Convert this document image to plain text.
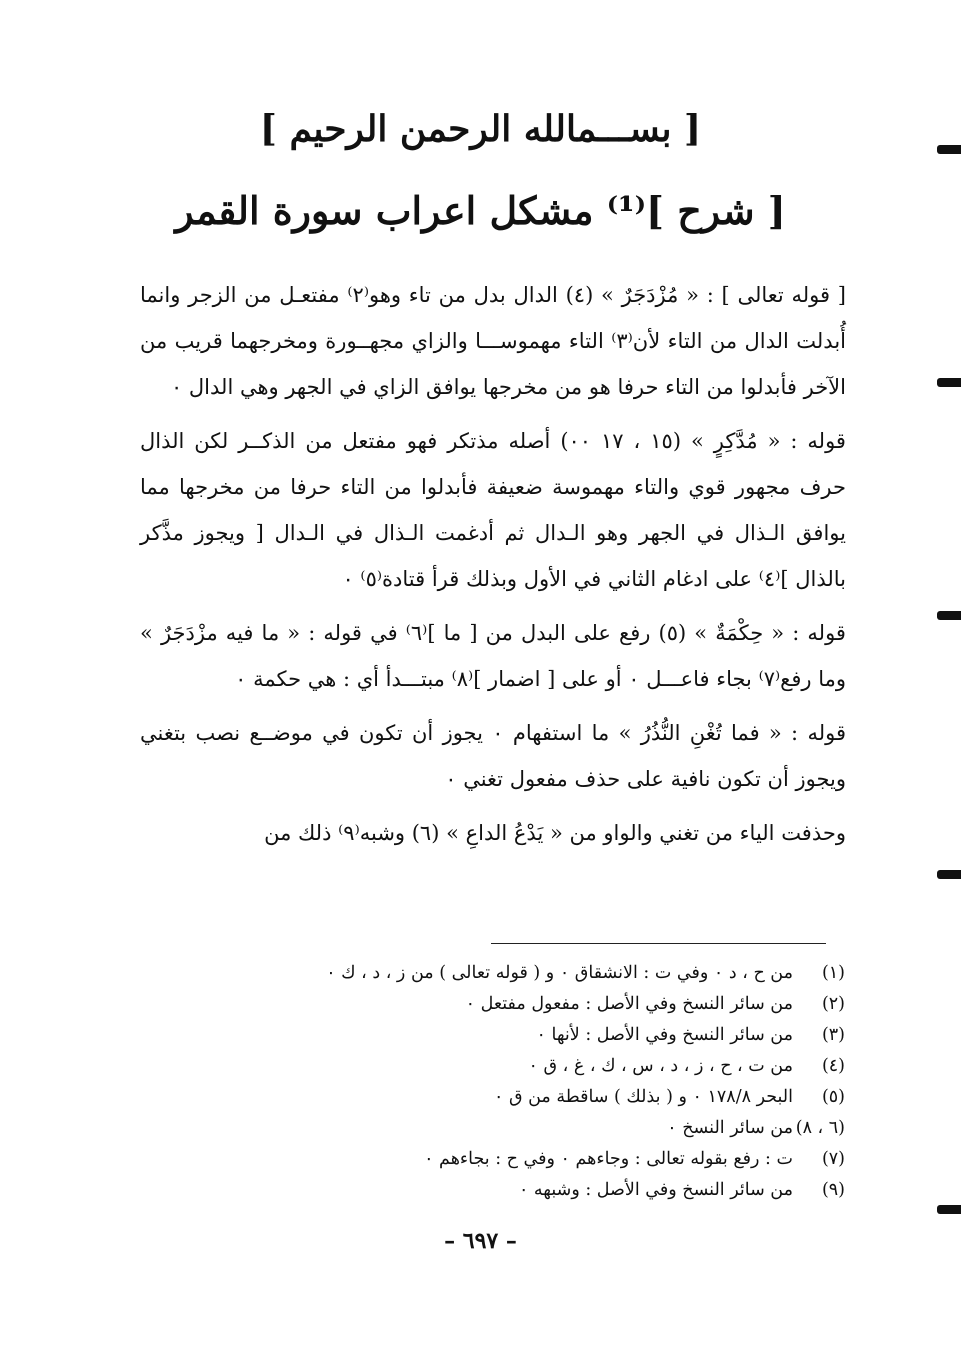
[ بســـمالله الرحمن الرحيم ]
[ شرح ]⁽¹⁾ مشكل اعراب سورة القمر

[ قوله تعالى ] : « مُزْدَجَرٌ » (٤) الدال بدل من تاء وهو⁽٢⁾ مفتعـل من الزجر وانما أُبدلت الدال من التاء لأن⁽٣⁾ التاء مهموســـا والزاي مجهــورة ومخرجهما قريب من الآخر فأبدلوا من التاء حرفا هو من مخرجها يوافق الزاي في الجهر وهي الدال ٠

قوله : « مُدَّكِرٍ » (١٥ ، ١٧ ٠٠) أصله مذتكر فهو مفتعل من الذكــر لكن الذال حرف مجهور قوي والتاء مهموسة ضعيفة فأبدلوا من التاء حرفا من مخرجها مما يوافق الـذال في الجهر وهو الـدال ثم أدغمت الـذال في الـدال [ ويجوز مذَّكر بالذال ]⁽٤⁾ على ادغام الثاني في الأول وبذلك قرأ قتادة⁽٥⁾ ٠

قوله : « حِكْمَةٌ » (٥) رفع على البدل من [ ما ]⁽٦⁾ في قوله : « ما فيه مزْدَجَرٌ » وما رفع⁽٧⁾ بجاء فاعـــل ٠ أو على [ اضمار ]⁽٨⁾ مبتـــدأ أي : هي حكمة ٠

قوله : « فما تُغْنِ النُّذُرُ » ما استفهام ٠ يجوز أن تكون في موضــع نصب بتغني ويجوز أن تكون نافية على حذف مفعول تغني ٠

وحذفت الياء من تغني والواو من « يَدْعُ الداعِ » (٦) وشبه⁽٩⁾ ذلك من

(١)
من ح ، د ٠ وفي ت : الانشقاق ٠ و ( قوله تعالى ) من ز ، د ، ك ٠
(٢)
من سائر النسخ وفي الأصل : مفعول مفتعل ٠
(٣)
من سائر النسخ وفي الأصل : لأنها ٠
(٤)
من ت ، ح ، ز ، د ، س ، ك ، غ ، ق ٠
(٥)
البحر ١٧٨/٨ ٠ و ( بذلك ) ساقطة من ق ٠
(٦ ، ٨)
من سائر النسخ ٠
(٧)
ت : رفع بقوله تعالى : وجاءهم ٠ وفي ح : بجاءهم ٠
(٩)
من سائر النسخ وفي الأصل : وشبهه ٠
– ٦٩٧ –
